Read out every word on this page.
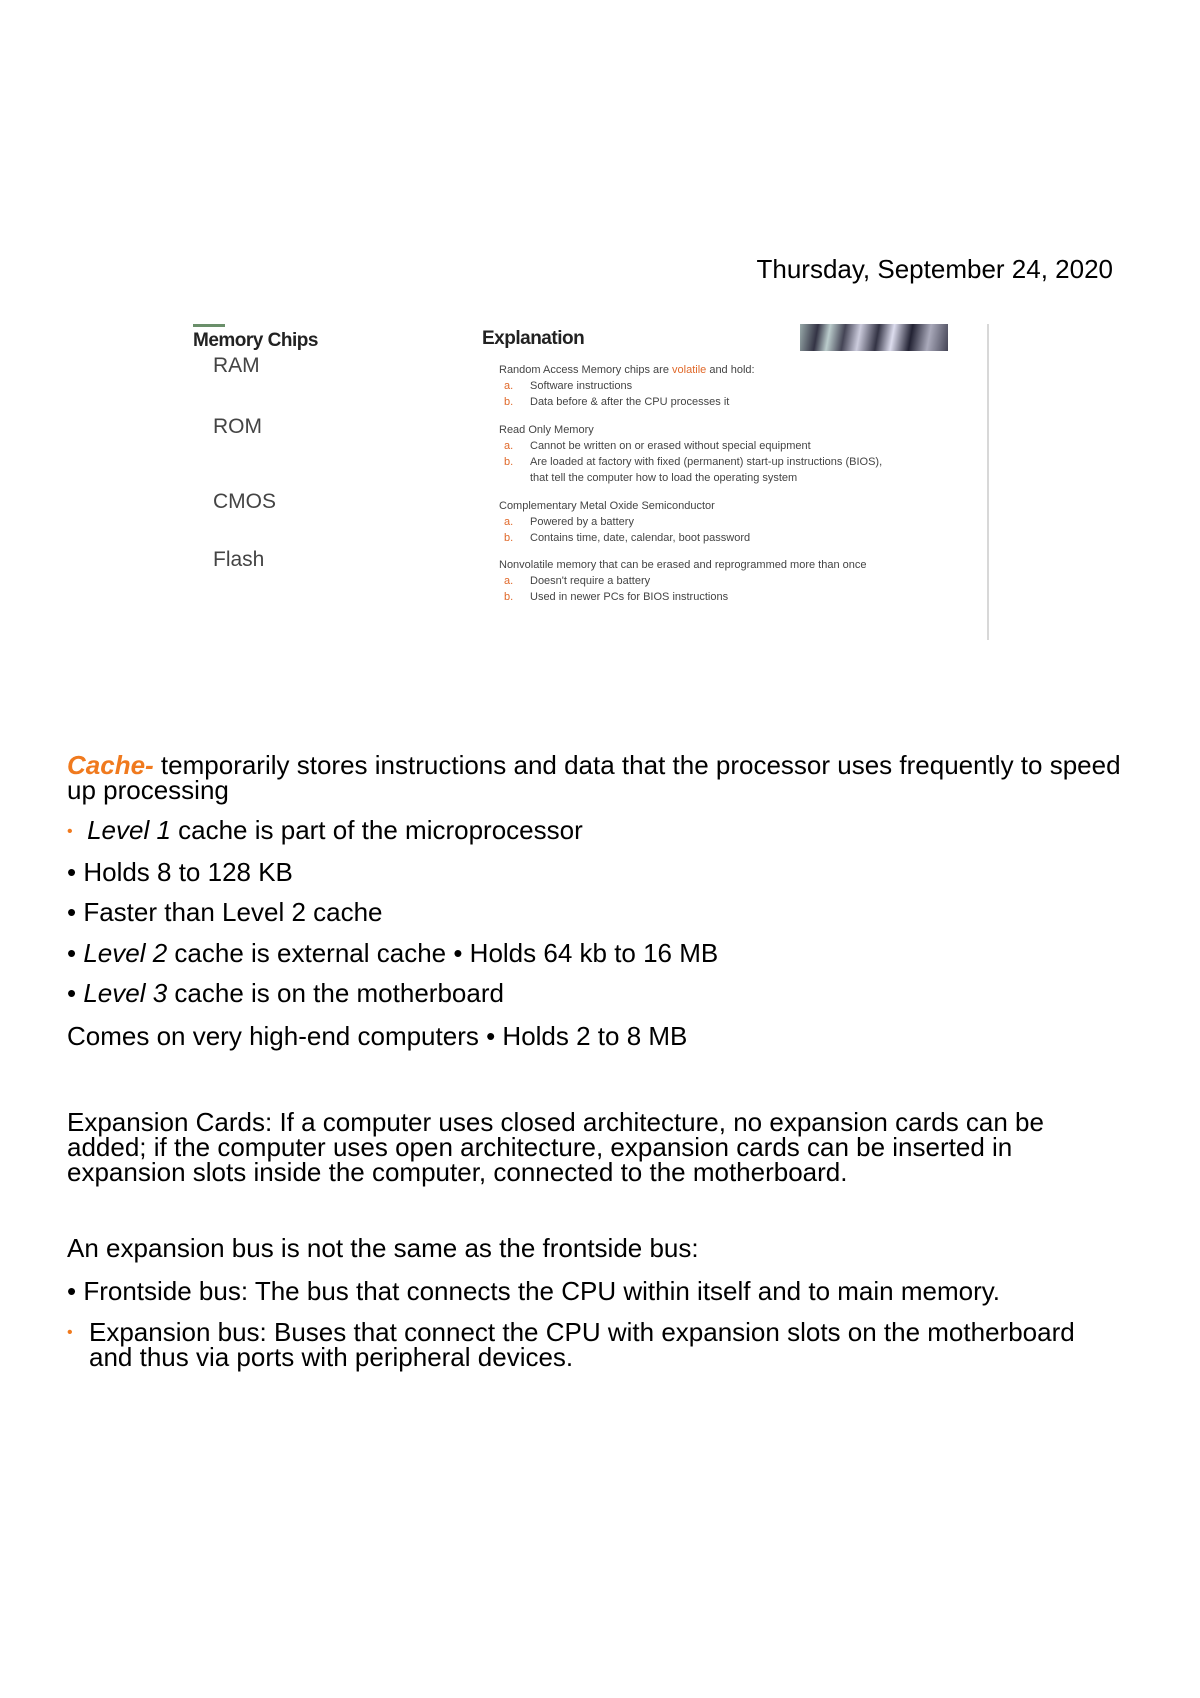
Thursday, September 24, 2020
Memory Chips	Explanation
RAM
ROM
CMOS
Flash
Random Access Memory chips are volatile and hold:
a. Software instructions
b. Data before & after the CPU processes it
Read Only Memory
a. Cannot be written on or erased without special equipment
b. Are loaded at factory with fixed (permanent) start-up instructions (BIOS),
that tell the computer how to load the operating system
Complementary Metal Oxide Semiconductor
a. Powered by a battery
b. Contains time, date, calendar, boot password
Nonvolatile memory that can be erased and reprogrammed more than once
a. Doesn't require a battery
b. Used in newer PCs for BIOS instructions
Cache- temporarily stores instructions and data that the processor uses frequently to speed up processing
• Level 1 cache is part of the microprocessor
• Holds 8 to 128 KB
• Faster than Level 2 cache
• Level 2 cache is external cache • Holds 64 kb to 16 MB
• Level 3 cache is on the motherboard
Comes on very high-end computers • Holds 2 to 8 MB
Expansion Cards: If a computer uses closed architecture, no expansion cards can be added; if the computer uses open architecture, expansion cards can be inserted in expansion slots inside the computer, connected to the motherboard.
An expansion bus is not the same as the frontside bus:
• Frontside bus: The bus that connects the CPU within itself and to main memory.
• Expansion bus: Buses that connect the CPU with expansion slots on the motherboard and thus via ports with peripheral devices.
